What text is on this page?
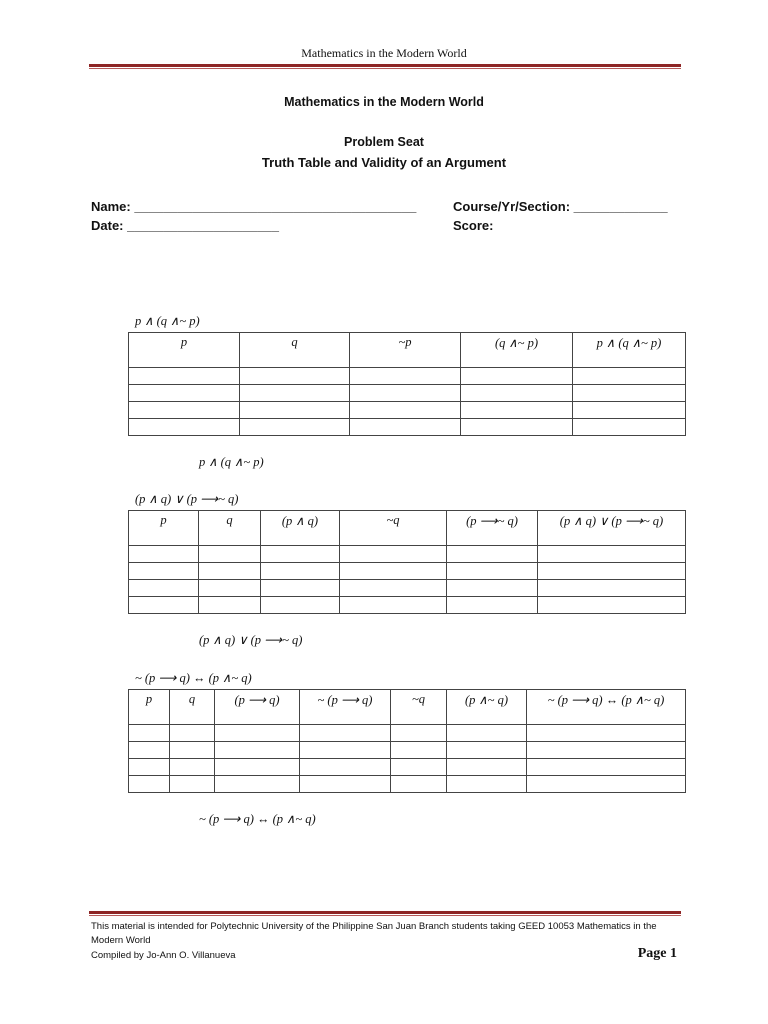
Mathematics in the Modern World
Mathematics in the Modern World
Problem Seat
Truth Table and Validity of an Argument
Name: _______________________________________
Date: _____________________
Course/Yr/Section: _____________
Score:
p ∧ (q ∧~ p)
p	q	~p	(q ∧~ p)	p ∧ (q ∧~ p)

p ∧ (q ∧~ p)
(p ∧ q) ∨ (p ⟶~ q)
p	q	(p ∧ q)	~q	(p ⟶~ q)	(p ∧ q) ∨ (p ⟶~ q)

(p ∧ q) ∨ (p ⟶~ q)
~ (p ⟶ q) ↔ (p ∧~ q)
p	q	(p ⟶ q)	~ (p ⟶ q)	~q	(p ∧~ q)	~ (p ⟶ q) ↔ (p ∧~ q)

~ (p ⟶ q) ↔ (p ∧~ q)
This material is intended for Polytechnic University of the Philippine San Juan Branch students taking GEED 10053 Mathematics in the Modern World
Compiled by Jo-Ann O. Villanueva	Page 1
